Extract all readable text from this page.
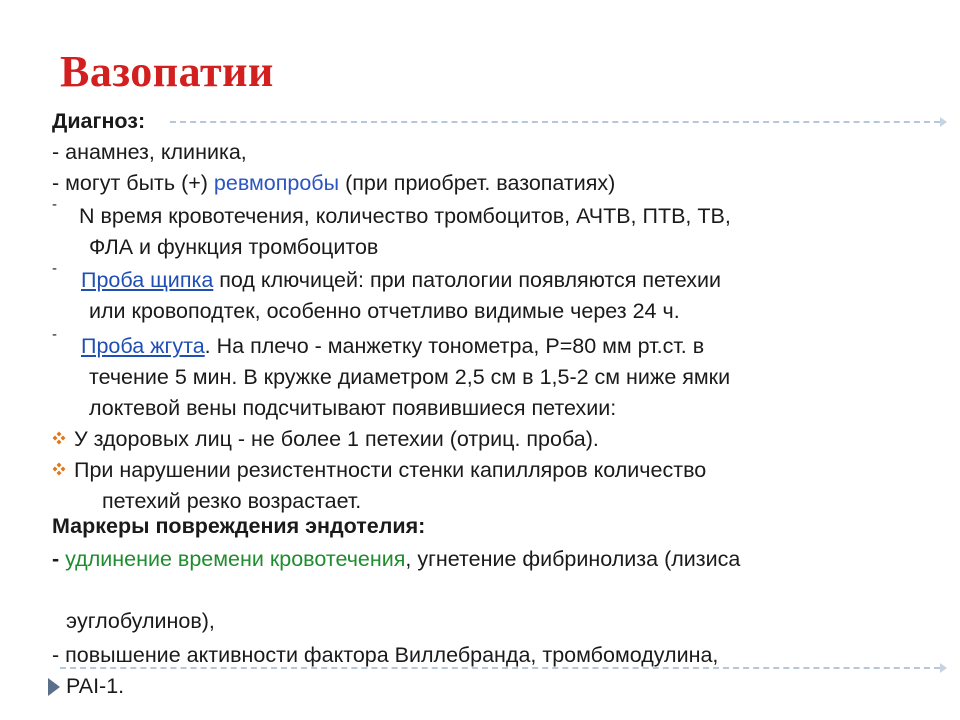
Вазопатии
Диагноз:
- анамнез, клиника,
- могут быть (+) ревмопробы (при приобрет. вазопатиях)
- N время кровотечения, количество тромбоцитов, АЧТВ, ПТВ, ТВ,
ФЛА и функция тромбоцитов
- Проба щипка под ключицей: при патологии появляются петехии
или кровоподтек, особенно отчетливо видимые через 24 ч.
- Проба жгута. На плечо - манжетку тонометра, Р=80 мм рт.ст. в
течение 5 мин. В кружке диаметром 2,5 см в 1,5-2 см ниже ямки
локтевой вены подсчитывают появившиеся петехии:
У здоровых лиц - не более 1 петехии (отриц. проба).
При нарушении резистентности стенки капилляров количество
петехий резко возрастает.
Маркеры повреждения эндотелия:
- удлинение времени кровотечения, угнетение фибринолиза (лизиса
эуглобулинов),
- повышение активности фактора Виллебранда, тромбомодулина,
PAI-1.
